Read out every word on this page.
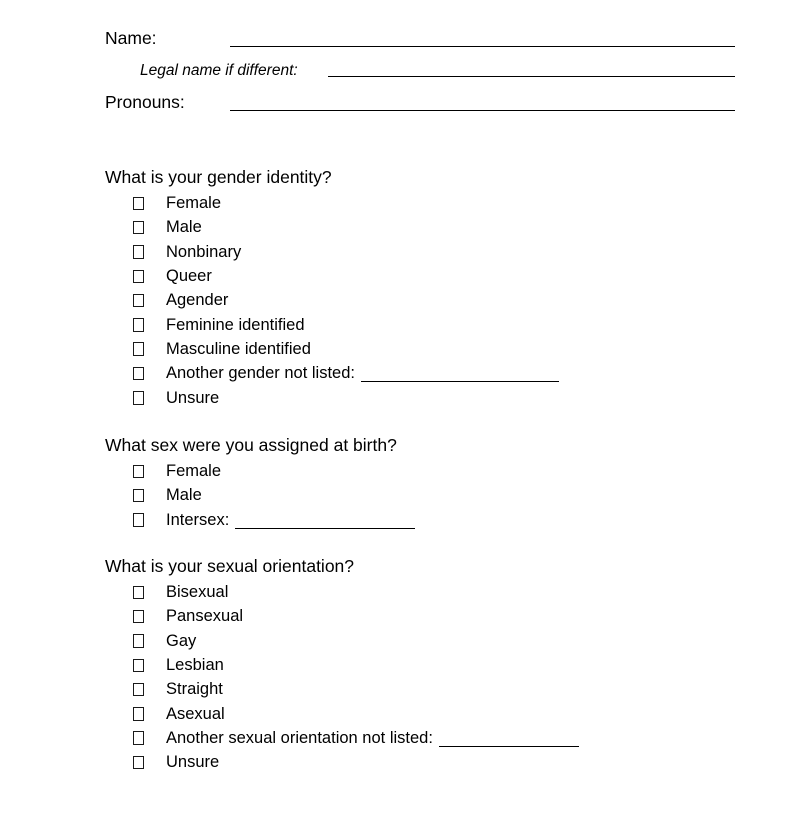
Name:
Legal name if different:
Pronouns:

What is your gender identity?

Female
Male
Nonbinary
Queer
Agender
Feminine identified
Masculine identified
Another gender not listed:
Unsure

What sex were you assigned at birth?

Female
Male
Intersex:

What is your sexual orientation?

Bisexual
Pansexual
Gay
Lesbian
Straight
Asexual
Another sexual orientation not listed:
Unsure
